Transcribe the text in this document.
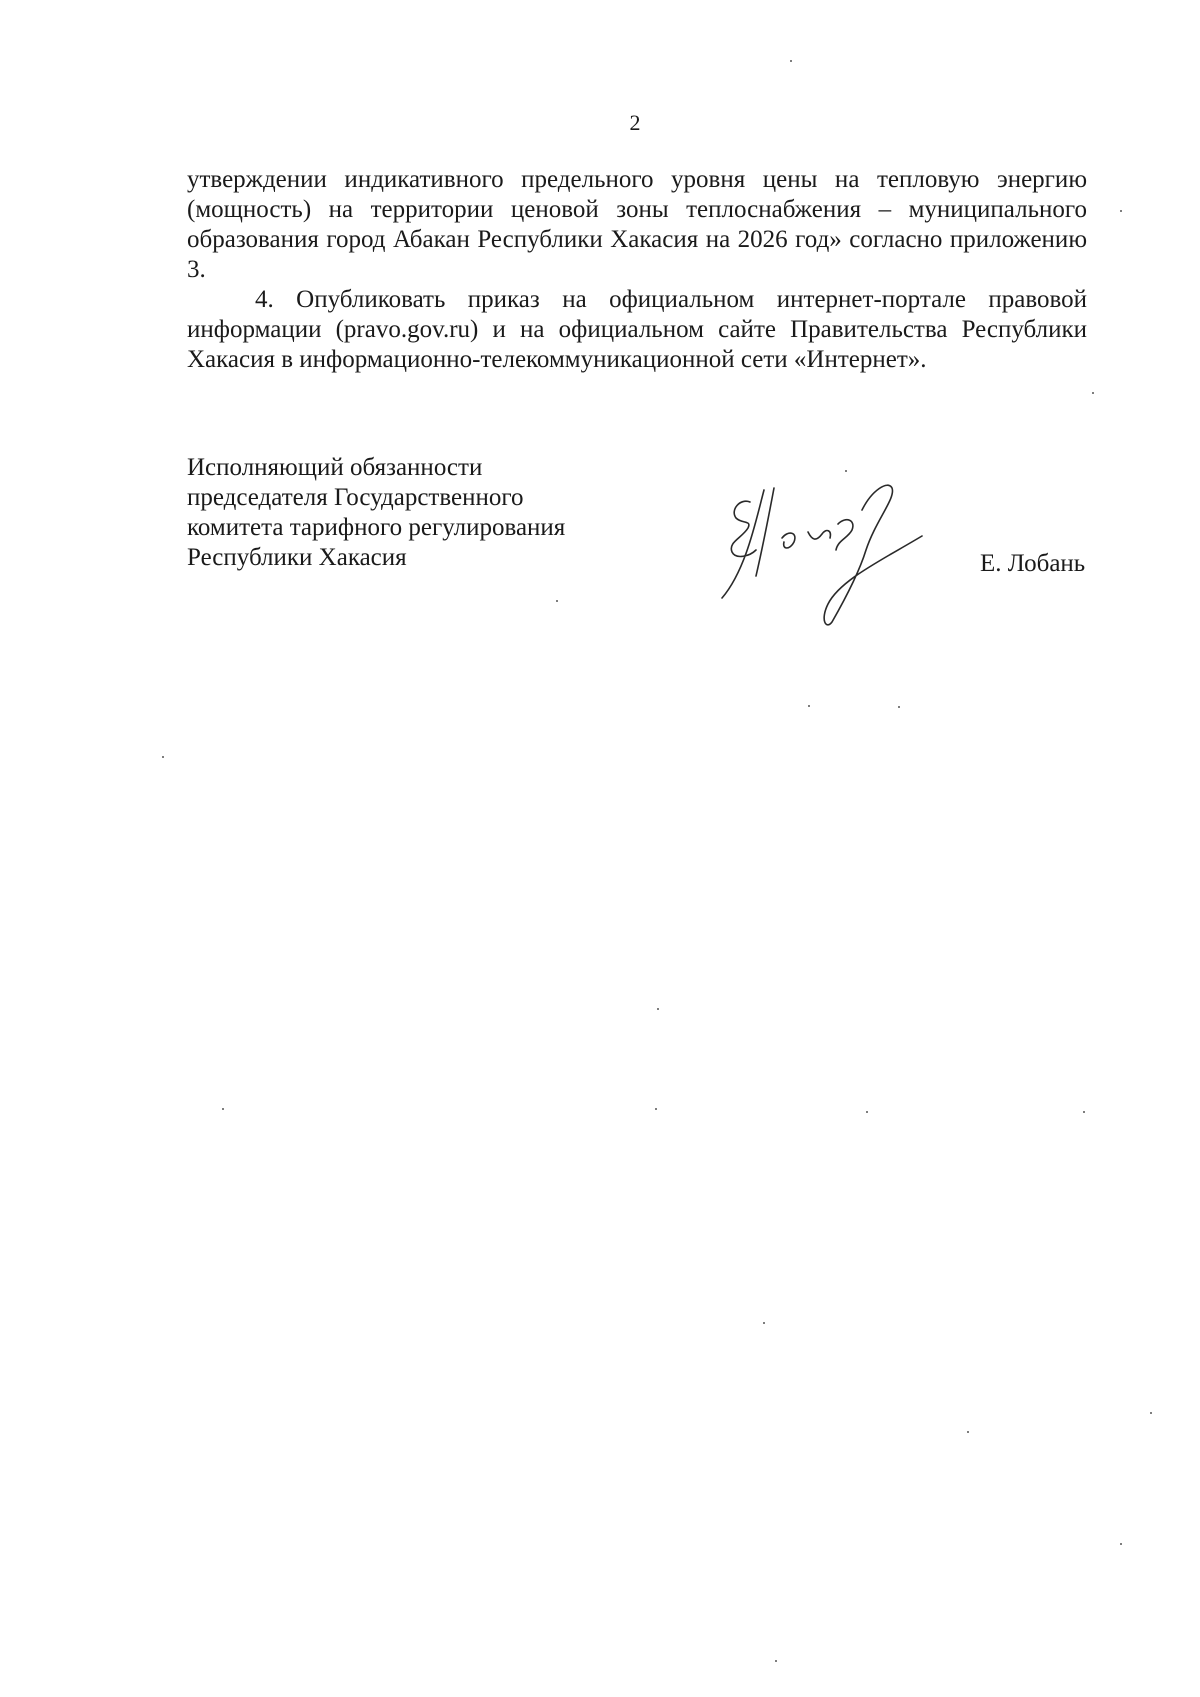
2

утверждении индикативного предельного уровня цены на тепловую энергию (мощность) на территории ценовой зоны теплоснабжения – муниципального образования город Абакан Республики Хакасия на 2026 год» согласно приложению 3.

4. Опубликовать приказ на официальном интернет-портале правовой информации (pravo.gov.ru) и на официальном сайте Правительства Республики Хакасия в информационно-телекоммуникационной сети «Интернет».

Исполняющий обязанности
председателя Государственного
комитета тарифного регулирования
Республики Хакасия	Е. Лобань
